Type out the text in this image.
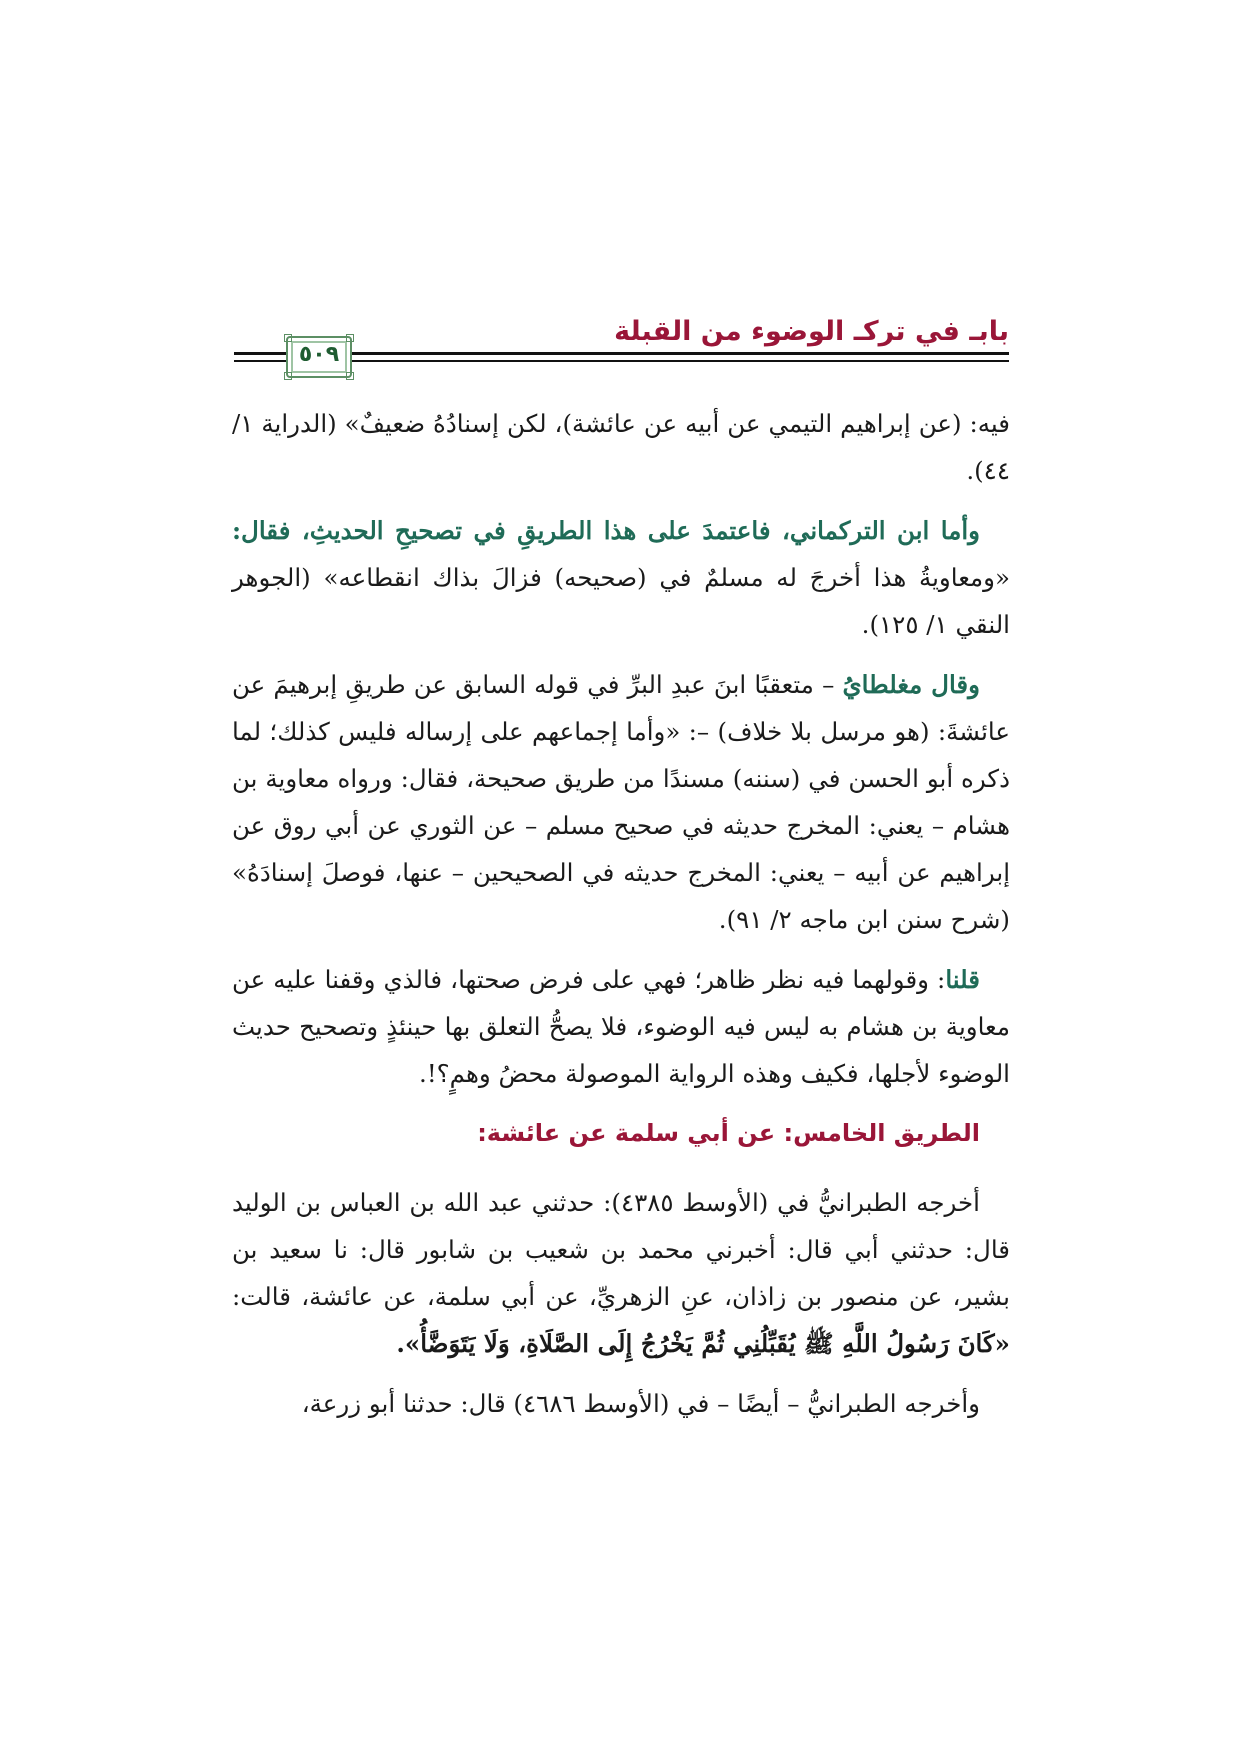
بابـ في تركـ الوضوء من القبلة
٥٠٩

فيه: (عن إبراهيم التيمي عن أبيه عن عائشة)، لكن إسنادُهُ ضعيفٌ» (الدراية ١/ ٤٤).

وأما ابن التركماني، فاعتمدَ على هذا الطريقِ في تصحيحِ الحديثِ، فقال: «ومعاويةُ هذا أخرجَ له مسلمٌ في (صحيحه) فزالَ بذاك انقطاعه» (الجوهر النقي ١/ ١٢٥).

وقال مغلطايُ – متعقبًا ابنَ عبدِ البرِّ في قوله السابق عن طريقِ إبرهيمَ عن عائشةَ: (هو مرسل بلا خلاف) –: «وأما إجماعهم على إرساله فليس كذلك؛ لما ذكره أبو الحسن في (سننه) مسندًا من طريق صحيحة، فقال: ورواه معاوية بن هشام – يعني: المخرج حديثه في صحيح مسلم – عن الثوري عن أبي روق عن إبراهيم عن أبيه – يعني: المخرج حديثه في الصحيحين – عنها، فوصلَ إسنادَهُ» (شرح سنن ابن ماجه ٢/ ٩١).

قلنا: وقولهما فيه نظر ظاهر؛ فهي على فرض صحتها، فالذي وقفنا عليه عن معاوية بن هشام به ليس فيه الوضوء، فلا يصحُّ التعلق بها حينئذٍ وتصحيح حديث الوضوء لأجلها، فكيف وهذه الرواية الموصولة محضُ وهمٍ؟!.

الطريق الخامس: عن أبي سلمة عن عائشة:

أخرجه الطبرانيُّ في (الأوسط ٤٣٨٥): حدثني عبد الله بن العباس بن الوليد قال: حدثني أبي قال: أخبرني محمد بن شعيب بن شابور قال: نا سعيد بن بشير، عن منصور بن زاذان، عنِ الزهريِّ، عن أبي سلمة، عن عائشة، قالت: «كَانَ رَسُولُ اللَّهِ ﷺ يُقَبِّلُنِي ثُمَّ يَخْرُجُ إِلَى الصَّلَاةِ، وَلَا يَتَوَضَّأُ».

وأخرجه الطبرانيُّ – أيضًا – في (الأوسط ٤٦٨٦) قال: حدثنا أبو زرعة،
